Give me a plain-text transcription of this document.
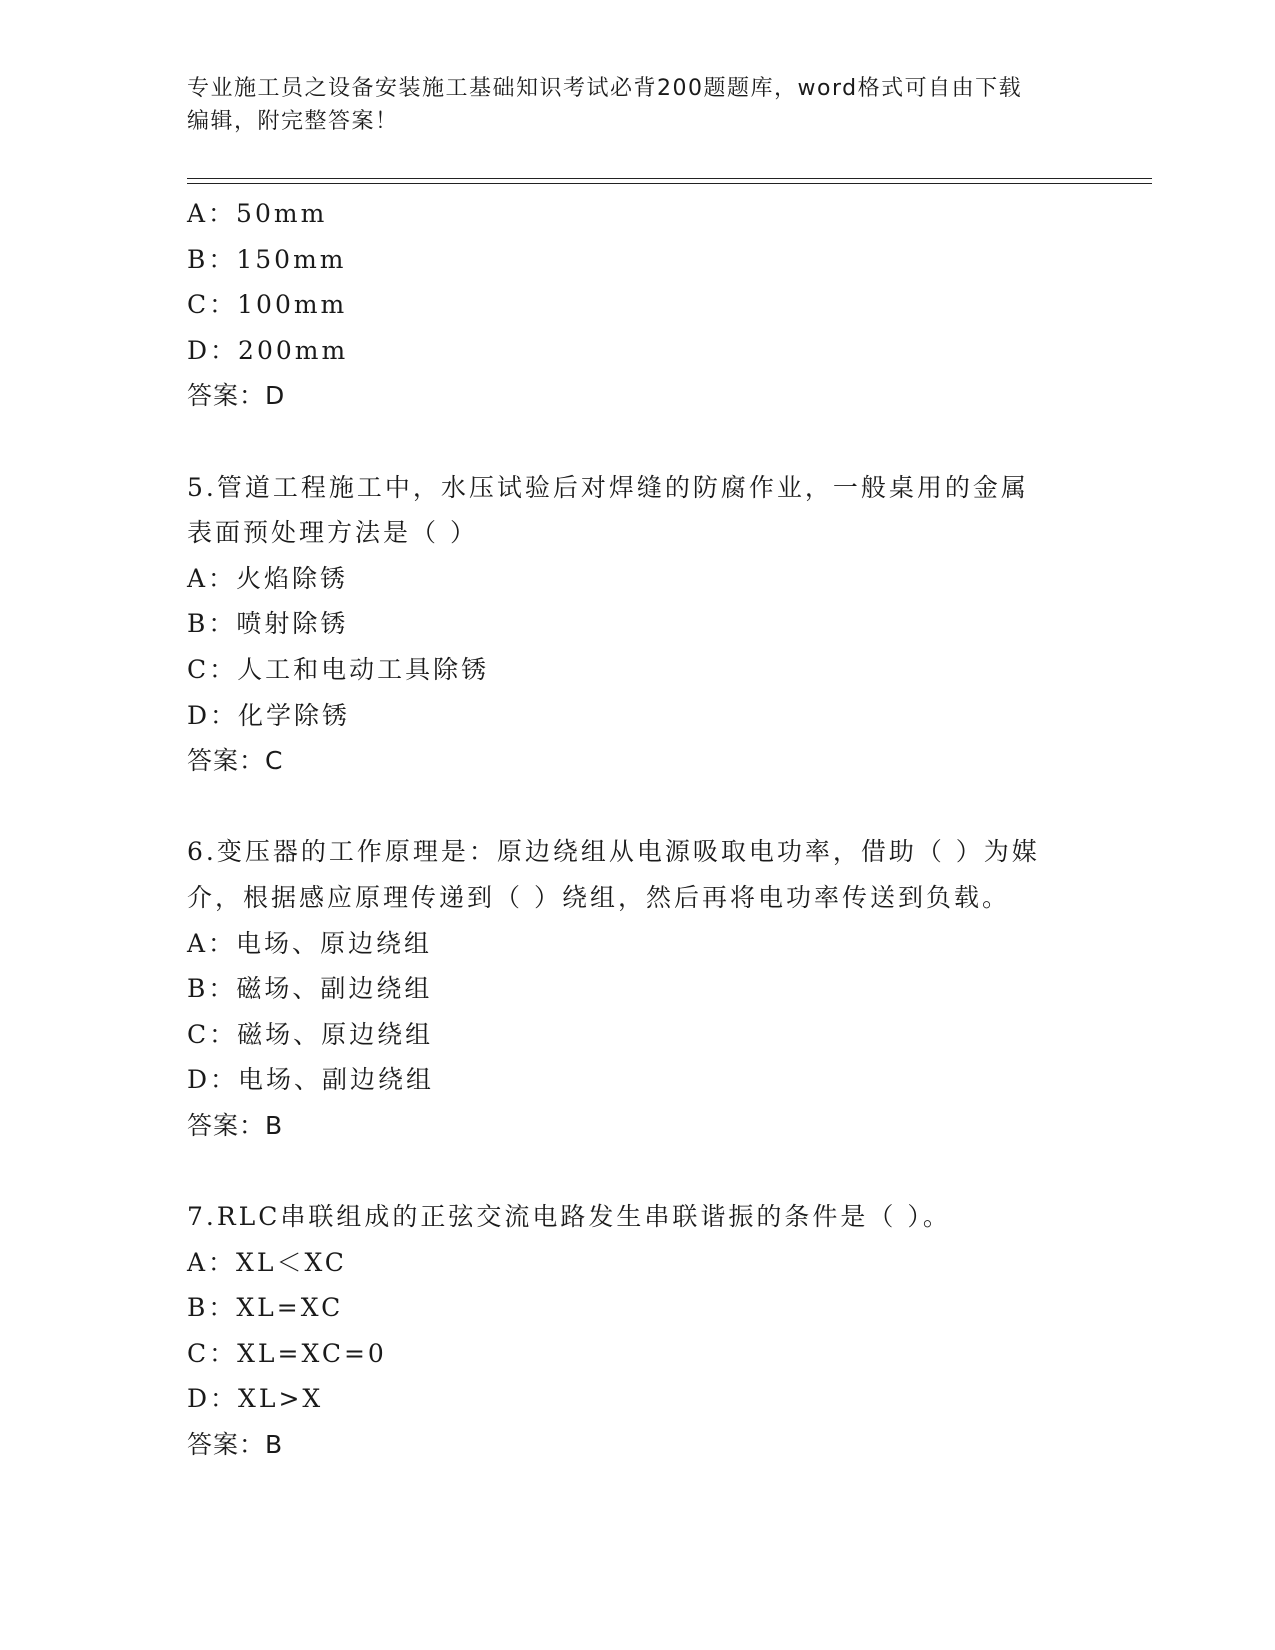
专业施工员之设备安装施工基础知识考试必背200题题库，word格式可自由下载
编辑，附完整答案！
A：50mm
B：150mm
C：100mm
D：200mm
答案：D
5.管道工程施工中，水压试验后对焊缝的防腐作业，一般桌用的金属
表面预处理方法是（ ）
A：火焰除锈
B：喷射除锈
C：人工和电动工具除锈
D：化学除锈
答案：C
6.变压器的工作原理是：原边绕组从电源吸取电功率，借助（ ）为媒
介，根据感应原理传递到（ ）绕组，然后再将电功率传送到负载。
A：电场、原边绕组
B：磁场、副边绕组
C：磁场、原边绕组
D：电场、副边绕组
答案：B
7.RLC串联组成的正弦交流电路发生串联谐振的条件是（ ）。
A：XL＜XC
B：XL=XC
C：XL=XC=0
D：XL>X
答案：B
